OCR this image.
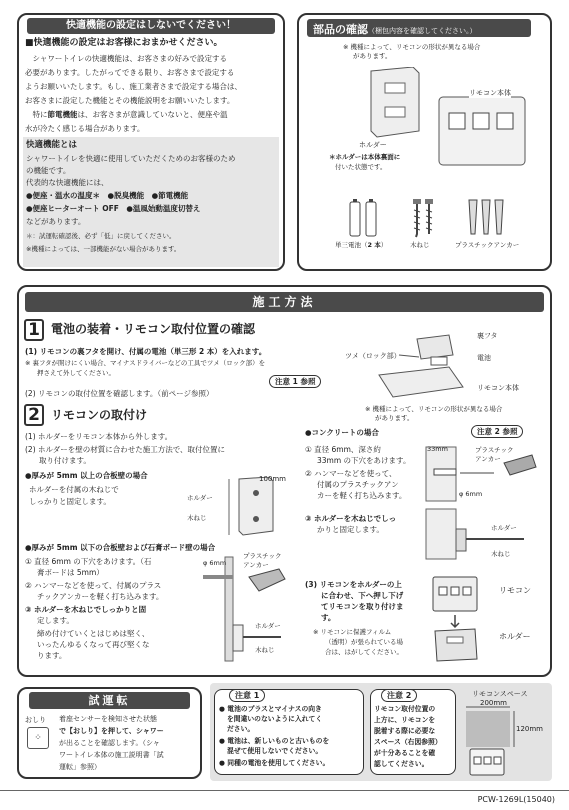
快適機能の設定はしないでください！
■快適機能の設定はお客様におまかせください。
　シャワートイレの快適機能は、お客さまの好みで設定する
必要があります。したがってできる限り、お客さまで設定する
ようお願いいたします。もし、施工業者さまで設定する場合は、
お客さまに設定した機能とその機能説明をお願いいたします。
　特に節電機能は、お客さまが意識していないと、便座や温
水が冷たく感じる場合があります。
快適機能とは
シャワートイレを快適に使用していただくためのお客様のため
の機能です。
代表的な快適機能には、
●便座・温水の温度＊　●脱臭機能　●節電機能
●便座ヒーターオート OFF　●温風始動温度切替え
などがあります。
＊：試運転確認後、必ず「低」に戻してください。
※機種によっては、一部機能がない場合があります。
部品の確認（梱包内容を確認してください。）
※ 機種によって、リモコンの形状が異なる場合
があります。
リモコン本体
ホルダー
＊ホルダーは本体裏面に
付いた状態です。
単三電池（2 本）	木ねじ	プラスチックアンカー
施工方法
1 電池の装着・リモコン取付位置の確認
(1) リモコンの裏フタを開け、付属の電池（単三形 2 本）を入れます。
※ 裏フタが開けにくい場合、マイナスドライバーなどの工具でツメ（ロック部）を
押さえて外してください。
注意 1 参照
(2) リモコンの取付位置を確認します。（前ページ参照）
裏フタ
電池
ツメ（ロック部）
リモコン本体
※ 機種によって、リモコンの形状が異なる場合
があります。
2 リモコンの取付け
(1) ホルダーをリモコン本体から外します。
(2) ホルダーを壁の材質に合わせた施工方法で、取付位置に
取り付けます。
●厚みが 5mm 以上の合板壁の場合
ホルダーを付属の木ねじで
しっかりと固定します。
100mm
ホルダー
木ねじ
●厚みが 5mm 以下の合板壁および石膏ボード壁の場合
① 直径 6mm の下穴をあけます。（石
膏ボードは 5mm）
② ハンマーなどを使って、付属のプラス
チックアンカーを軽く打ち込みます。
③ ホルダーを木ねじでしっかりと固
定します。
締め付けていくとはじめは堅く、
いったんゆるくなって再び堅くな
ります。
φ 6mm
プラスチック
アンカー
ホルダー
木ねじ
●コンクリートの場合	注意 2 参照
① 直径 6mm、深さ約
33mm の下穴をあけます。
② ハンマーなどを使って、
付属のプラスチックアン
カーを軽く打ち込みます。
③ ホルダーを木ねじでしっ
かりと固定します。
33mm	プラスチック
アンカー
φ 6mm
ホルダー
木ねじ
(3) リモコンをホルダーの上
に合わせ、下へ押し下げ
てリモコンを取り付けま
す。
※ リモコンに保護フィルム
（透明）が張られている場
合は、はがしてください。
リモコン
ホルダー
試運転
おしり
⁘
着座センサーを検知させた状態
で【おしり】を押して、シャワー
が出ることを確認します。（シャ
ワートイレ本体の施工説明書「試
運転」参照）
注意 1
● 電池のプラスとマイナスの向き
を間違いのないように入れてく
ださい。
● 電池は、新しいものと古いものを
混ぜて使用しないでください。
● 同種の電池を使用してください。
注意 2
リモコン取付位置の
上方に、リモコンを
脱着する際に必要な
スペース（右図参照）
が十分あることを確
認してください。
リモコンスペース
200mm
120mm
PCW-1269L(15040)
